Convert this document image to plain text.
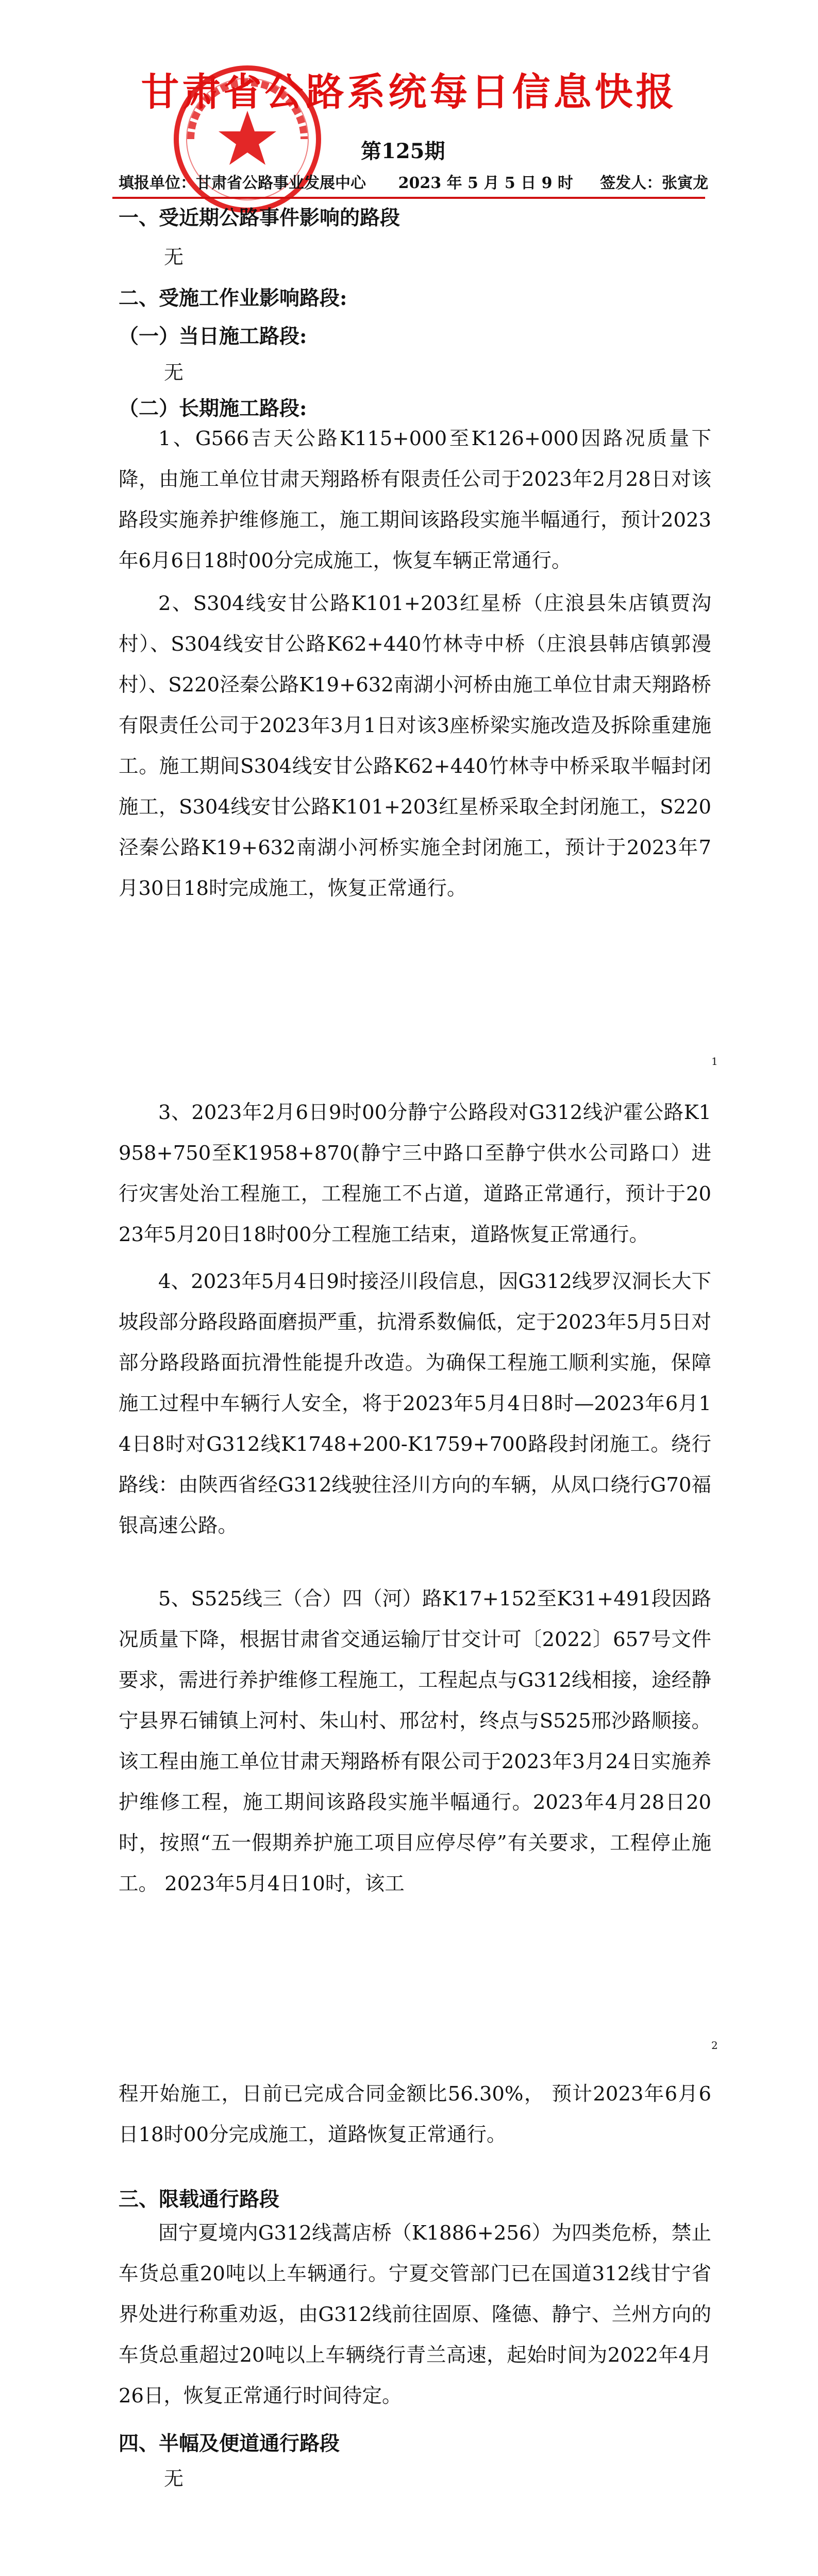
甘肃省公路系统每日信息快报
第125期
填报单位：甘肃省公路事业发展中心      2023 年 5 月 5 日 9 时     签发人：张寅龙
一、受近期公路事件影响的路段
无
二、受施工作业影响路段:
（一）当日施工路段:
无
（二）长期施工路段:
1、G566吉天公路K115+000至K126+000因路况质量下降，由施工单位甘肃天翔路桥有限责任公司于2023年2月28日对该路段实施养护维修施工，施工期间该路段实施半幅通行，预计2023年6月6日18时00分完成施工，恢复车辆正常通行。
2、S304线安甘公路K101+203红星桥（庄浪县朱店镇贾沟村）、S304线安甘公路K62+440竹林寺中桥（庄浪县韩店镇郭漫村）、S220泾秦公路K19+632南湖小河桥由施工单位甘肃天翔路桥有限责任公司于2023年3月1日对该3座桥梁实施改造及拆除重建施工。施工期间S304线安甘公路K62+440竹林寺中桥采取半幅封闭施工，S304线安甘公路K101+203红星桥采取全封闭施工，S220泾秦公路K19+632南湖小河桥实施全封闭施工，预计于2023年7月30日18时完成施工，恢复正常通行。
1
3、2023年2月6日9时00分静宁公路段对G312线沪霍公路K1958+750至K1958+870(静宁三中路口至静宁供水公司路口）进行灾害处治工程施工，工程施工不占道，道路正常通行，预计于2023年5月20日18时00分工程施工结束，道路恢复正常通行。
4、2023年5月4日9时接泾川段信息，因G312线罗汉洞长大下坡段部分路段路面磨损严重，抗滑系数偏低，定于2023年5月5日对部分路段路面抗滑性能提升改造。为确保工程施工顺利实施，保障施工过程中车辆行人安全，将于2023年5月4日8时—2023年6月14日8时对G312线K1748+200-K1759+700路段封闭施工。绕行路线：由陕西省经G312线驶往泾川方向的车辆，从凤口绕行G70福银高速公路。
5、S525线三（合）四（河）路K17+152至K31+491段因路况质量下降，根据甘肃省交通运输厅甘交计可〔2022〕657号文件要求，需进行养护维修工程施工，工程起点与G312线相接，途经静宁县界石铺镇上河村、朱山村、邢岔村，终点与S525邢沙路顺接。该工程由施工单位甘肃天翔路桥有限公司于2023年3月24日实施养护维修工程，施工期间该路段实施半幅通行。2023年4月28日20时，按照“五一假期养护施工项目应停尽停”有关要求，工程停止施工。 2023年5月4日10时，该工
2
程开始施工，日前已完成合同金额比56.30%， 预计2023年6月6日18时00分完成施工，道路恢复正常通行。
三、限载通行路段
固宁夏境内G312线蒿店桥（K1886+256）为四类危桥，禁止车货总重20吨以上车辆通行。宁夏交管部门已在国道312线甘宁省界处进行称重劝返，由G312线前往固原、隆德、静宁、兰州方向的车货总重超过20吨以上车辆绕行青兰高速，起始时间为2022年4月26日，恢复正常通行时间待定。
四、半幅及便道通行路段
无
